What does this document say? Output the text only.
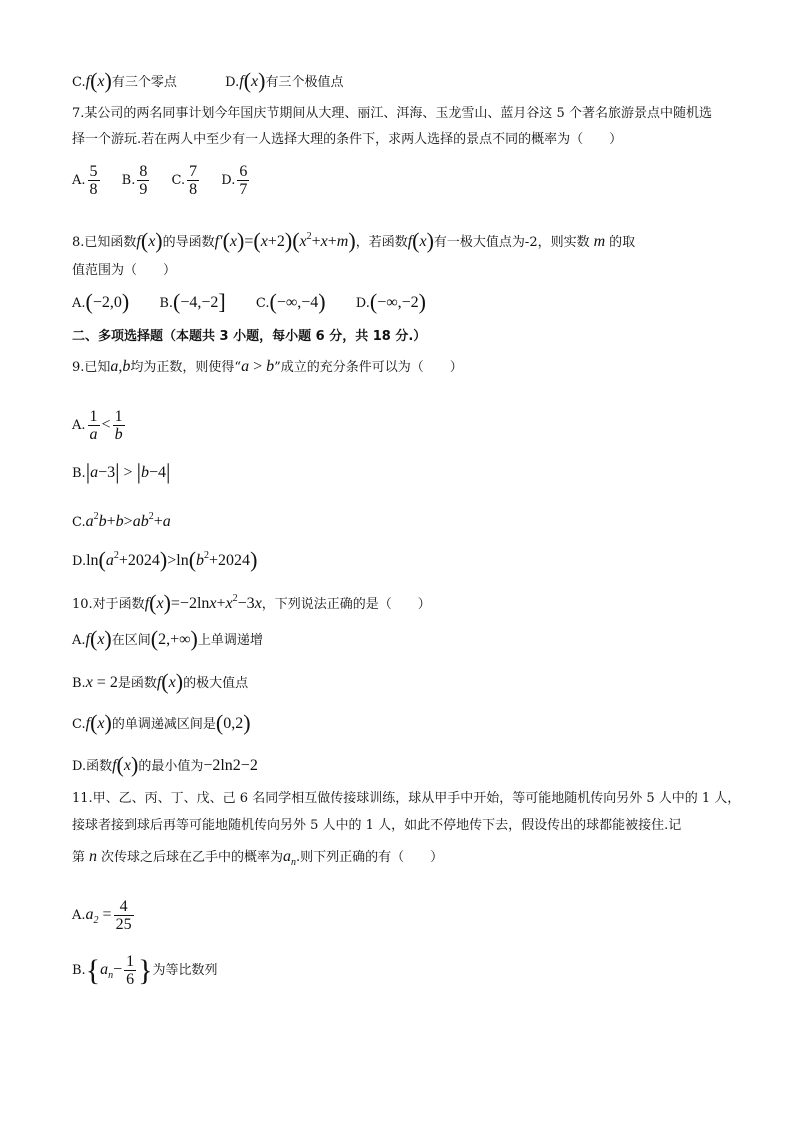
C.f(x)有三个零点	D.f(x)有三个极值点
7.某公司的两名同事计划今年国庆节期间从大理、丽江、洱海、玉龙雪山、蓝月谷这 5 个著名旅游景点中随机选
择一个游玩.若在两人中至少有一人选择大理的条件下，求两人选择的景点不同的概率为（　　）
A. $\frac{5}{8} B$. $\frac{8}{9} C$. $\frac{7}{8} D$. $\frac{6}{7}$
8.已知函数f(x)的导函数$f'(x)=(x+2)(x^2+x+m)$，若函数f(x)有一极大值点为-2，则实数 m 的取
值范围为（　　）
A.(−2,0) B.(−4,−2] C.(−∞,−4) D.(−∞,−2)
二、多项选择题（本题共 3 小题，每小题 6 分，共 18 分.）
9.已知a,b均为正数，则使得“a > b”成立的充分条件可以为（　　）
A. $\frac{1}{a} < \frac{1}{b}$
B.|a−3| > |b−4|
$C.a^2b+b>ab^2+a$
$D.\ln(a^2+2024)>\ln(b^2+2024)$
10.对于函数$f(x)=-2\ln x+x^2-3x$，下列说法正确的是（　　）
A.f(x)在区间(2,+∞)上单调递增
B.x = 2是函数f(x)的极大值点
C.f(x)的单调递减区间是(0,2)
D.函数f(x)的最小值为−2ln2−2
11.甲、乙、丙、丁、戊、己 6 名同学相互做传接球训练，球从甲手中开始，等可能地随机传向另外 5 人中的 1 人，
接球者接到球后再等可能地随机传向另外 5 人中的 1 人，如此不停地传下去，假设传出的球都能被接住.记
第 n 次传球之后球在乙手中的概率为$a_n$.则下列正确的有（　　）
$A.a_2 = \frac{4}{25}$
$B.\{a_n- \frac{1}{6}$ }为等比数列
